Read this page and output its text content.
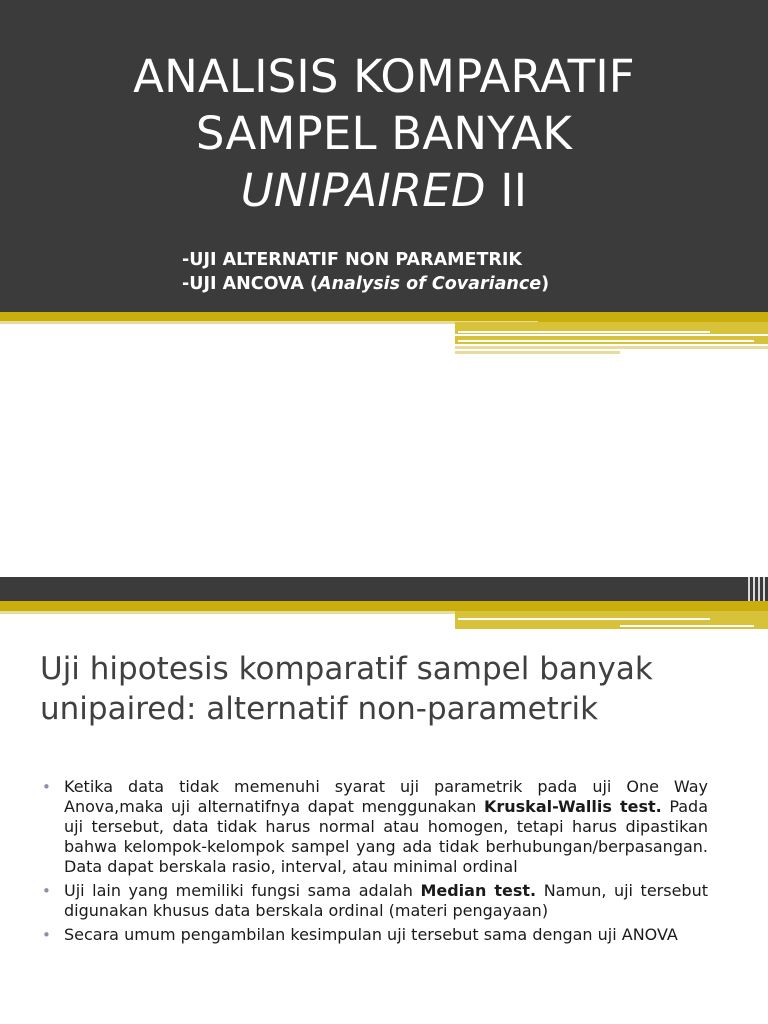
ANALISIS KOMPARATIF
SAMPEL BANYAK
UNIPAIRED II
-UJI ALTERNATIF NON PARAMETRIK
-UJI ANCOVA (Analysis of Covariance)
Uji hipotesis komparatif sampel banyak unipaired: alternatif non-parametrik
• Ketika data tidak memenuhi syarat uji parametrik pada uji One Way Anova,maka uji alternatifnya dapat menggunakan Kruskal-Wallis test. Pada uji tersebut, data tidak harus normal atau homogen, tetapi harus dipastikan bahwa kelompok-kelompok sampel yang ada tidak berhubungan/berpasangan. Data dapat berskala rasio, interval, atau minimal ordinal
• Uji lain yang memiliki fungsi sama adalah Median test. Namun, uji tersebut digunakan khusus data berskala ordinal (materi pengayaan)
• Secara umum pengambilan kesimpulan uji tersebut sama dengan uji ANOVA
